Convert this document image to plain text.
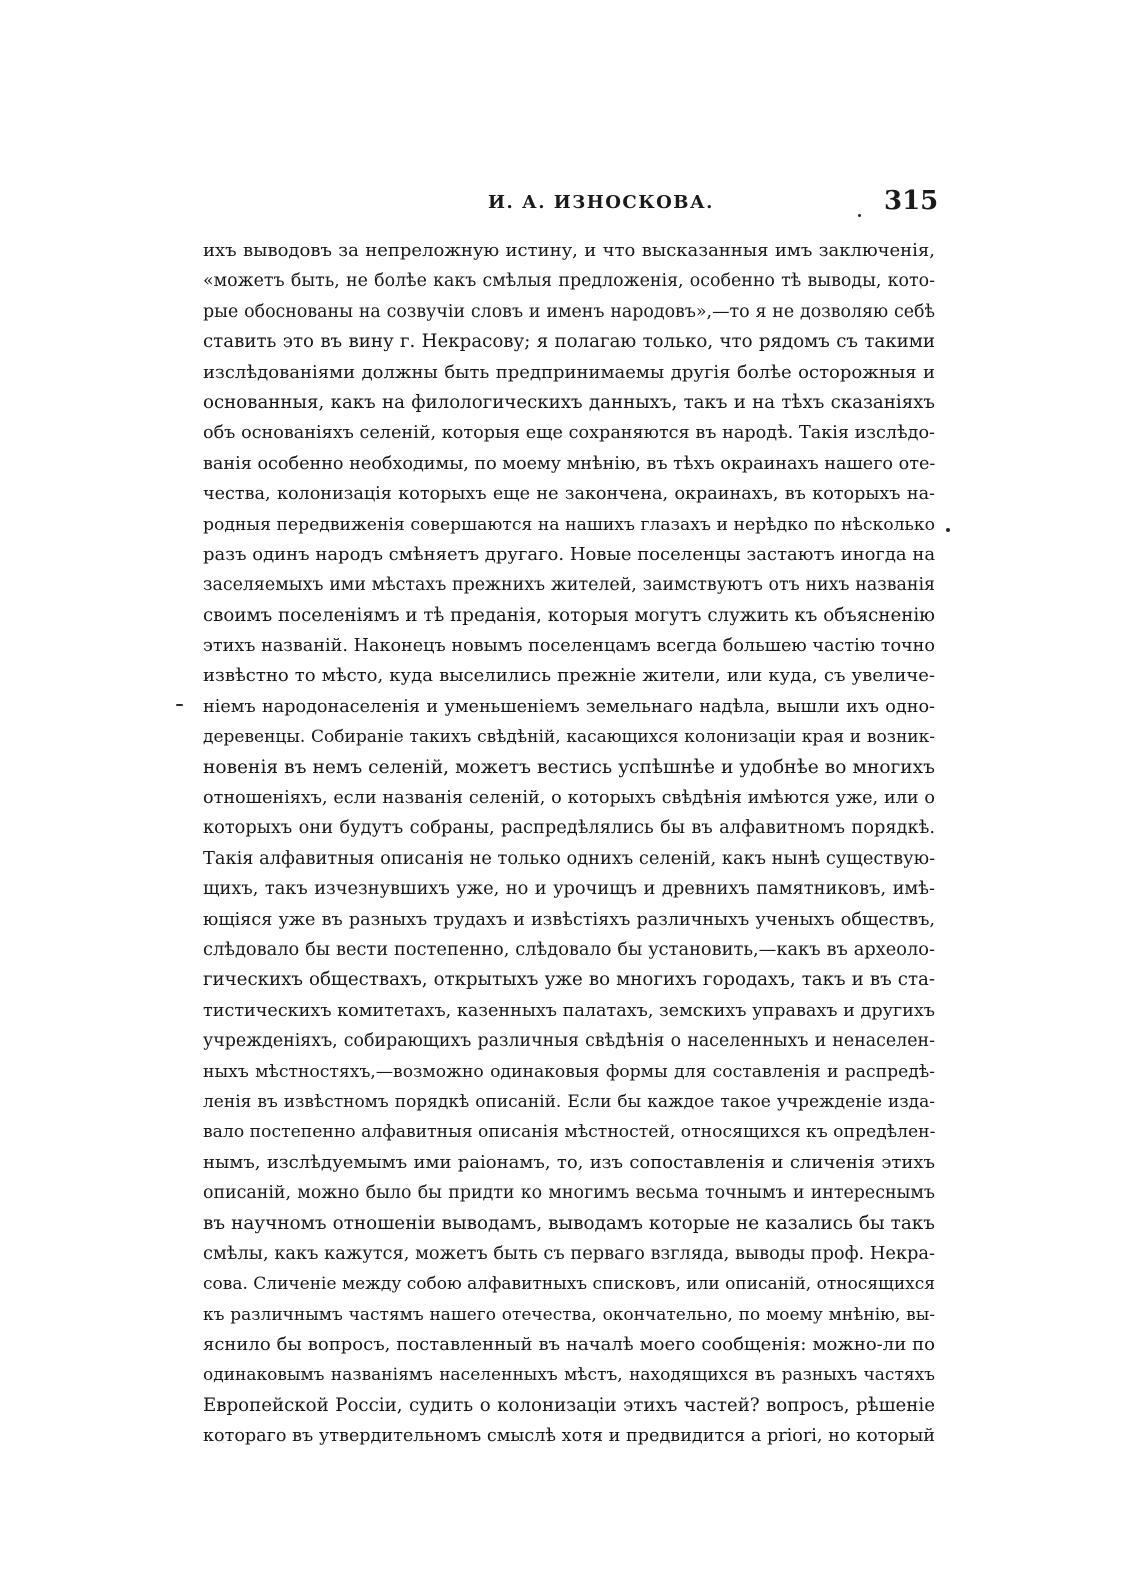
И. А. ИЗНОСКОВА.	315
ихъ выводовъ за непреложную истину, и что высказанныя имъ заключенія,
«можетъ быть, не болѣе какъ смѣлыя предложенія, особенно тѣ выводы, кото-
рые обоснованы на созвучіи словъ и именъ народовъ»,—то я не дозволяю себѣ
ставить это въ вину г. Некрасову; я полагаю только, что рядомъ съ такими
изслѣдованіями должны быть предпринимаемы другія болѣе осторожныя и
основанныя, какъ на филологическихъ данныхъ, такъ и на тѣхъ сказаніяхъ
объ основаніяхъ селеній, которыя еще сохраняются въ народѣ. Такія изслѣдо-
ванія особенно необходимы, по моему мнѣнію, въ тѣхъ окраинахъ нашего оте-
чества, колонизація которыхъ еще не закончена, окраинахъ, въ которыхъ на-
родныя передвиженія совершаются на нашихъ глазахъ и нерѣдко по нѣсколько
разъ одинъ народъ смѣняетъ другаго. Новые поселенцы застаютъ иногда на
заселяемыхъ ими мѣстахъ прежнихъ жителей, заимствуютъ отъ нихъ названія
своимъ поселеніямъ и тѣ преданія, которыя могутъ служить къ объясненію
этихъ названій. Наконецъ новымъ поселенцамъ всегда большею частію точно
извѣстно то мѣсто, куда выселились прежніе жители, или куда, съ увеличе-
ніемъ народонаселенія и уменьшеніемъ земельнаго надѣла, вышли ихъ одно-
деревенцы. Собираніе такихъ свѣдѣній, касающихся колонизаціи края и возник-
новенія въ немъ селеній, можетъ вестись успѣшнѣе и удобнѣе во многихъ
отношеніяхъ, если названія селеній, о которыхъ свѣдѣнія имѣются уже, или о
которыхъ они будутъ собраны, распредѣлялись бы въ алфавитномъ порядкѣ.
Такія алфавитныя описанія не только однихъ селеній, какъ нынѣ существую-
щихъ, такъ изчезнувшихъ уже, но и урочищъ и древнихъ памятниковъ, имѣ-
ющіяся уже въ разныхъ трудахъ и извѣстіяхъ различныхъ ученыхъ обществъ,
слѣдовало бы вести постепенно, слѣдовало бы установить,—какъ въ археоло-
гическихъ обществахъ, открытыхъ уже во многихъ городахъ, такъ и въ ста-
тистическихъ комитетахъ, казенныхъ палатахъ, земскихъ управахъ и другихъ
учрежденіяхъ, собирающихъ различныя свѣдѣнія о населенныхъ и ненаселен-
ныхъ мѣстностяхъ,—возможно одинаковыя формы для составленія и распредѣ-
ленія въ извѣстномъ порядкѣ описаній. Если бы каждое такое учрежденіе изда-
вало постепенно алфавитныя описанія мѣстностей, относящихся къ опредѣлен-
нымъ, изслѣдуемымъ ими раіонамъ, то, изъ сопоставленія и сличенія этихъ
описаній, можно было бы придти ко многимъ весьма точнымъ и интереснымъ
въ научномъ отношеніи выводамъ, выводамъ которые не казались бы такъ
смѣлы, какъ кажутся, можетъ быть съ перваго взгляда, выводы проф. Некра-
сова. Сличеніе между собою алфавитныхъ списковъ, или описаній, относящихся
къ различнымъ частямъ нашего отечества, окончательно, по моему мнѣнію, вы-
яснило бы вопросъ, поставленный въ началѣ моего сообщенія: можно-ли по
одинаковымъ названіямъ населенныхъ мѣстъ, находящихся въ разныхъ частяхъ
Европейской Россіи, судить о колонизаціи этихъ частей? вопросъ, рѣшеніе
котораго въ утвердительномъ смыслѣ хотя и предвидится а priori, но который
